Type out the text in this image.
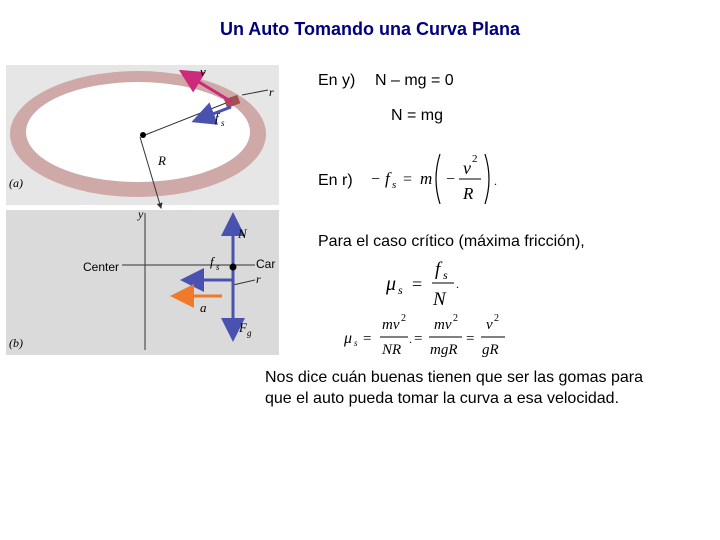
Un Auto Tomando una Curva Plana
v
r
f s
R
(a)
y
Center	Car
r
N
f s
a
F g
(b)
En y) N – mg = 0
N = mg
En r) − f s = m −
v 2
R
.
Para el caso crítico (máxima fricción),
μ s =
f s
N
.
μ s =
mv 2
NR
. =
mv 2
mgR
=
v 2
gR
Nos dice cuán buenas tienen que ser las gomas para
que el auto pueda tomar la curva a esa velocidad.
